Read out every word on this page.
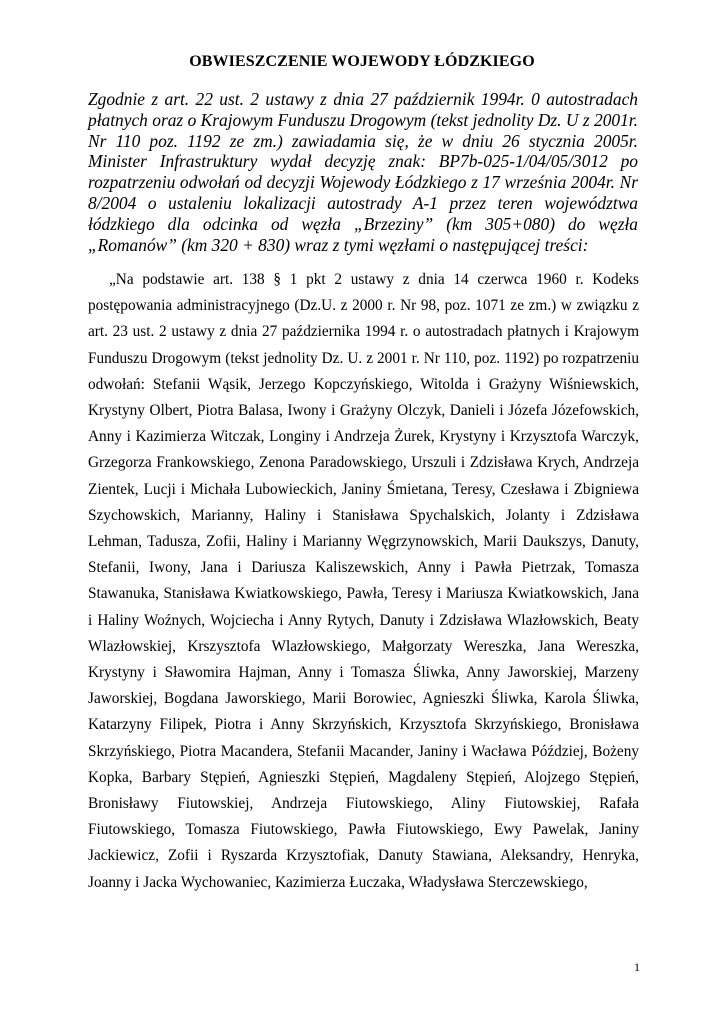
OBWIESZCZENIE WOJEWODY ŁÓDZKIEGO

Zgodnie z art. 22 ust. 2 ustawy z dnia 27 październik 1994r. 0 autostradach płatnych oraz o Krajowym Funduszu Drogowym (tekst jednolity Dz. U z 2001r. Nr 110 poz. 1192 ze zm.) zawiadamia się, że w dniu 26 stycznia 2005r. Minister Infrastruktury wydał decyzję znak: BP7b-025-1/04/05/3012 po rozpatrzeniu odwołań od decyzji Wojewody Łódzkiego z 17 września 2004r. Nr 8/2004 o ustaleniu lokalizacji autostrady A-1 przez teren województwa łódzkiego dla odcinka od węzła „Brzeziny” (km 305+080) do węzła „Romanów” (km 320 + 830) wraz z tymi węzłami o następującej treści:

„Na podstawie art. 138 § 1 pkt 2 ustawy z dnia 14 czerwca 1960 r. Kodeks postępowania administracyjnego (Dz.U. z 2000 r. Nr 98, poz. 1071 ze zm.) w związku z art. 23 ust. 2 ustawy z dnia 27 października 1994 r. o autostradach płatnych i Krajowym Funduszu Drogowym (tekst jednolity Dz. U. z 2001 r. Nr 110, poz. 1192) po rozpatrzeniu odwołań: Stefanii Wąsik, Jerzego Kopczyńskiego, Witolda i Grażyny Wiśniewskich, Krystyny Olbert, Piotra Balasa, Iwony i Grażyny Olczyk, Danieli i Józefa Józefowskich, Anny i Kazimierza Witczak, Longiny i Andrzeja Żurek, Krystyny i Krzysztofa Warczyk, Grzegorza Frankowskiego, Zenona Paradowskiego, Urszuli i Zdzisława Krych, Andrzeja Zientek, Lucji i Michała Lubowieckich, Janiny Śmietana, Teresy, Czesława i Zbigniewa Szychowskich, Marianny, Haliny i Stanisława Spychalskich, Jolanty i Zdzisława Lehman, Tadusza, Zofii, Haliny i Marianny Węgrzynowskich, Marii Daukszys, Danuty, Stefanii, Iwony, Jana i Dariusza Kaliszewskich, Anny i Pawła Pietrzak, Tomasza Stawanuka, Stanisława Kwiatkowskiego, Pawła, Teresy i Mariusza Kwiatkowskich, Jana i Haliny Woźnych, Wojciecha i Anny Rytych, Danuty i Zdzisława Wlazłowskich, Beaty Wlazłowskiej, Krszysztofa Wlazłowskiego, Małgorzaty Wereszka, Jana Wereszka, Krystyny i Sławomira Hajman, Anny i Tomasza Śliwka, Anny Jaworskiej, Marzeny Jaworskiej, Bogdana Jaworskiego, Marii Borowiec, Agnieszki Śliwka, Karola Śliwka, Katarzyny Filipek, Piotra i Anny Skrzyńskich, Krzysztofa Skrzyńskiego, Bronisława Skrzyńskiego, Piotra Macandera, Stefanii Macander, Janiny i Wacława Póździej, Bożeny Kopka, Barbary Stępień, Agnieszki Stępień, Magdaleny Stępień, Alojzego Stępień, Bronisławy Fiutowskiej, Andrzeja Fiutowskiego, Aliny Fiutowskiej, Rafała Fiutowskiego, Tomasza Fiutowskiego, Pawła Fiutowskiego, Ewy Pawelak, Janiny Jackiewicz, Zofii i Ryszarda Krzysztofiak, Danuty Stawiana, Aleksandry, Henryka, Joanny i Jacka Wychowaniec, Kazimierza Łuczaka, Władysława Sterczewskiego,

1
